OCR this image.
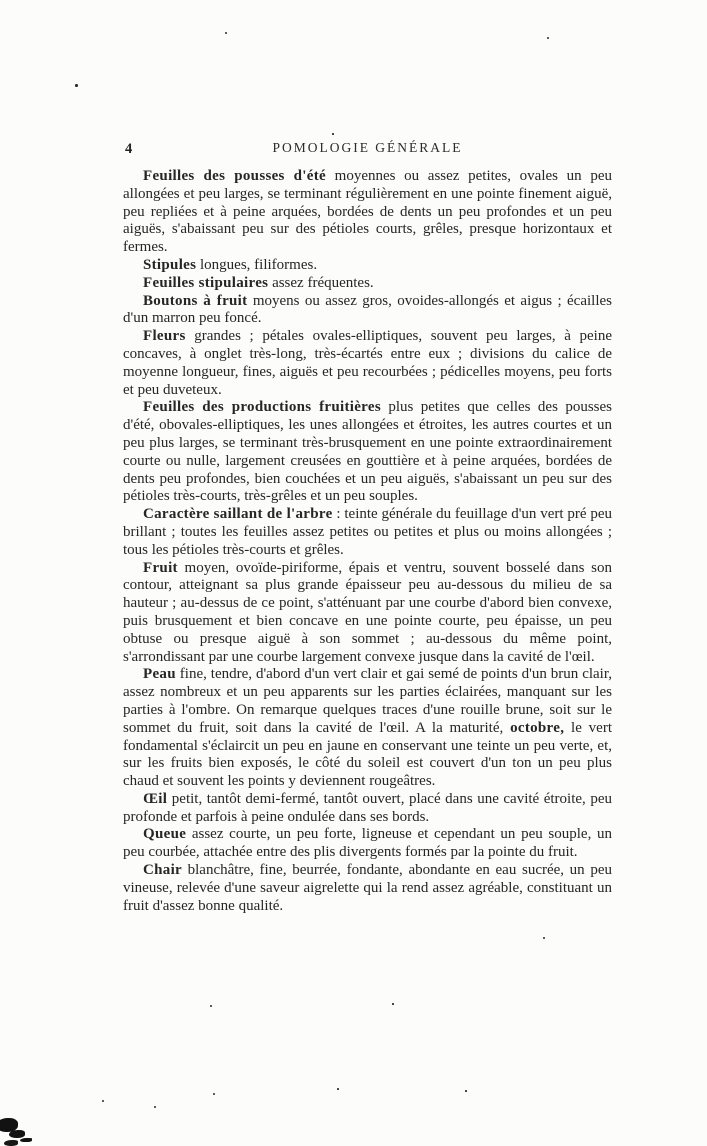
4	POMOLOGIE GÉNÉRALE

Feuilles des pousses d'été moyennes ou assez petites, ovales un peu allongées et peu larges, se terminant régulièrement en une pointe finement aiguë, peu repliées et à peine arquées, bordées de dents un peu profondes et un peu aiguës, s'abaissant peu sur des pétioles courts, grêles, presque horizontaux et fermes.

Stipules longues, filiformes.

Feuilles stipulaires assez fréquentes.

Boutons à fruit moyens ou assez gros, ovoides-allongés et aigus ; écailles d'un marron peu foncé.

Fleurs grandes ; pétales ovales-elliptiques, souvent peu larges, à peine concaves, à onglet très-long, très-écartés entre eux ; divisions du calice de moyenne longueur, fines, aiguës et peu recourbées ; pédicelles moyens, peu forts et peu duveteux.

Feuilles des productions fruitières plus petites que celles des pousses d'été, obovales-elliptiques, les unes allongées et étroites, les autres courtes et un peu plus larges, se terminant très-brusquement en une pointe extraordinairement courte ou nulle, largement creusées en gouttière et à peine arquées, bordées de dents peu profondes, bien couchées et un peu aiguës, s'abaissant un peu sur des pétioles très-courts, très-grêles et un peu souples.

Caractère saillant de l'arbre : teinte générale du feuillage d'un vert pré peu brillant ; toutes les feuilles assez petites ou petites et plus ou moins allongées ; tous les pétioles très-courts et grêles.

Fruit moyen, ovoïde-piriforme, épais et ventru, souvent bosselé dans son contour, atteignant sa plus grande épaisseur peu au-dessous du milieu de sa hauteur ; au-dessus de ce point, s'atténuant par une courbe d'abord bien convexe, puis brusquement et bien concave en une pointe courte, peu épaisse, un peu obtuse ou presque aiguë à son sommet ; au-dessous du même point, s'arrondissant par une courbe largement convexe jusque dans la cavité de l'œil.

Peau fine, tendre, d'abord d'un vert clair et gai semé de points d'un brun clair, assez nombreux et un peu apparents sur les parties éclairées, manquant sur les parties à l'ombre. On remarque quelques traces d'une rouille brune, soit sur le sommet du fruit, soit dans la cavité de l'œil. A la maturité, octobre, le vert fondamental s'éclaircit un peu en jaune en conservant une teinte un peu verte, et, sur les fruits bien exposés, le côté du soleil est couvert d'un ton un peu plus chaud et souvent les points y deviennent rougeâtres.

Œil petit, tantôt demi-fermé, tantôt ouvert, placé dans une cavité étroite, peu profonde et parfois à peine ondulée dans ses bords.

Queue assez courte, un peu forte, ligneuse et cependant un peu souple, un peu courbée, attachée entre des plis divergents formés par la pointe du fruit.

Chair blanchâtre, fine, beurrée, fondante, abondante en eau sucrée, un peu vineuse, relevée d'une saveur aigrelette qui la rend assez agréable, constituant un fruit d'assez bonne qualité.
